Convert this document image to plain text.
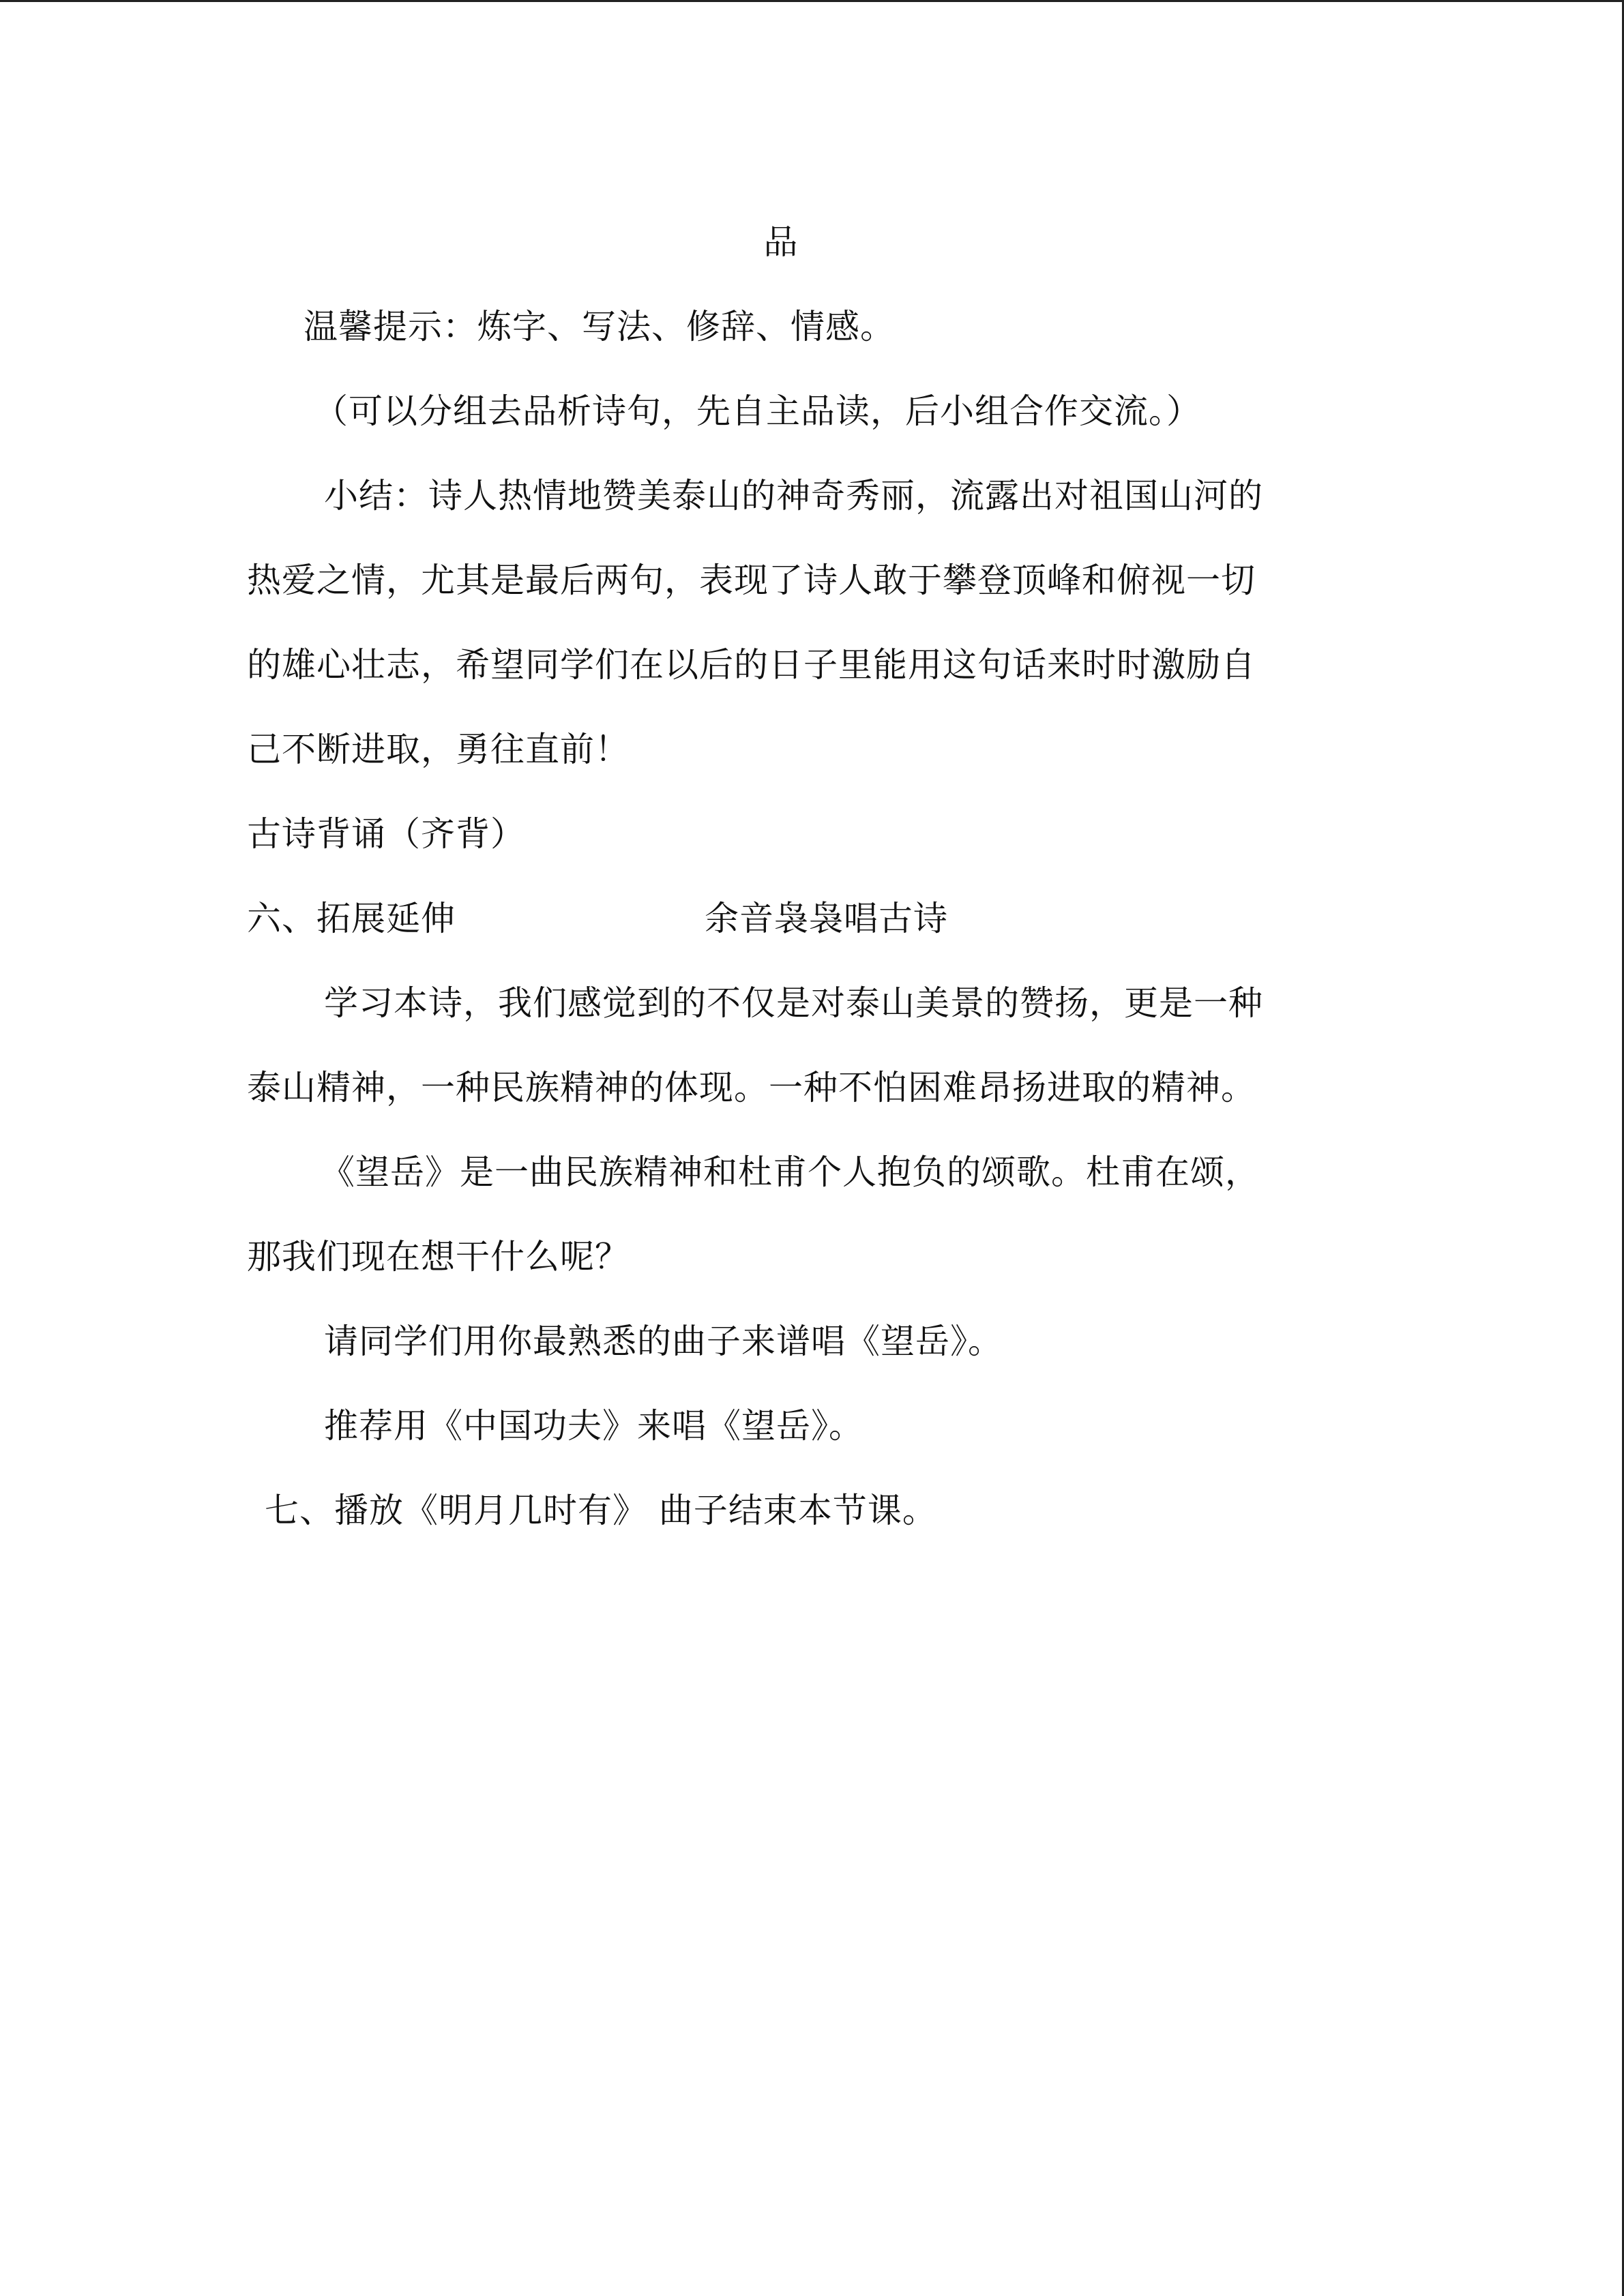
品
温馨提示：炼字、写法、修辞、情感。
（可以分组去品析诗句，先自主品读，后小组合作交流。）
小结：诗人热情地赞美泰山的神奇秀丽，流露出对祖国山河的
热爱之情，尤其是最后两句，表现了诗人敢于攀登顶峰和俯视一切
的雄心壮志，希望同学们在以后的日子里能用这句话来时时激励自
己不断进取，勇往直前！
古诗背诵（齐背）
六、拓展延伸	余音袅袅唱古诗
学习本诗，我们感觉到的不仅是对泰山美景的赞扬，更是一种
泰山精神，一种民族精神的体现。一种不怕困难昂扬进取的精神。
《望岳》是一曲民族精神和杜甫个人抱负的颂歌。杜甫在颂，
那我们现在想干什么呢？
请同学们用你最熟悉的曲子来谱唱《望岳》。
推荐用《中国功夫》来唱《望岳》。
七、播放《明月几时有》 曲子结束本节课。
